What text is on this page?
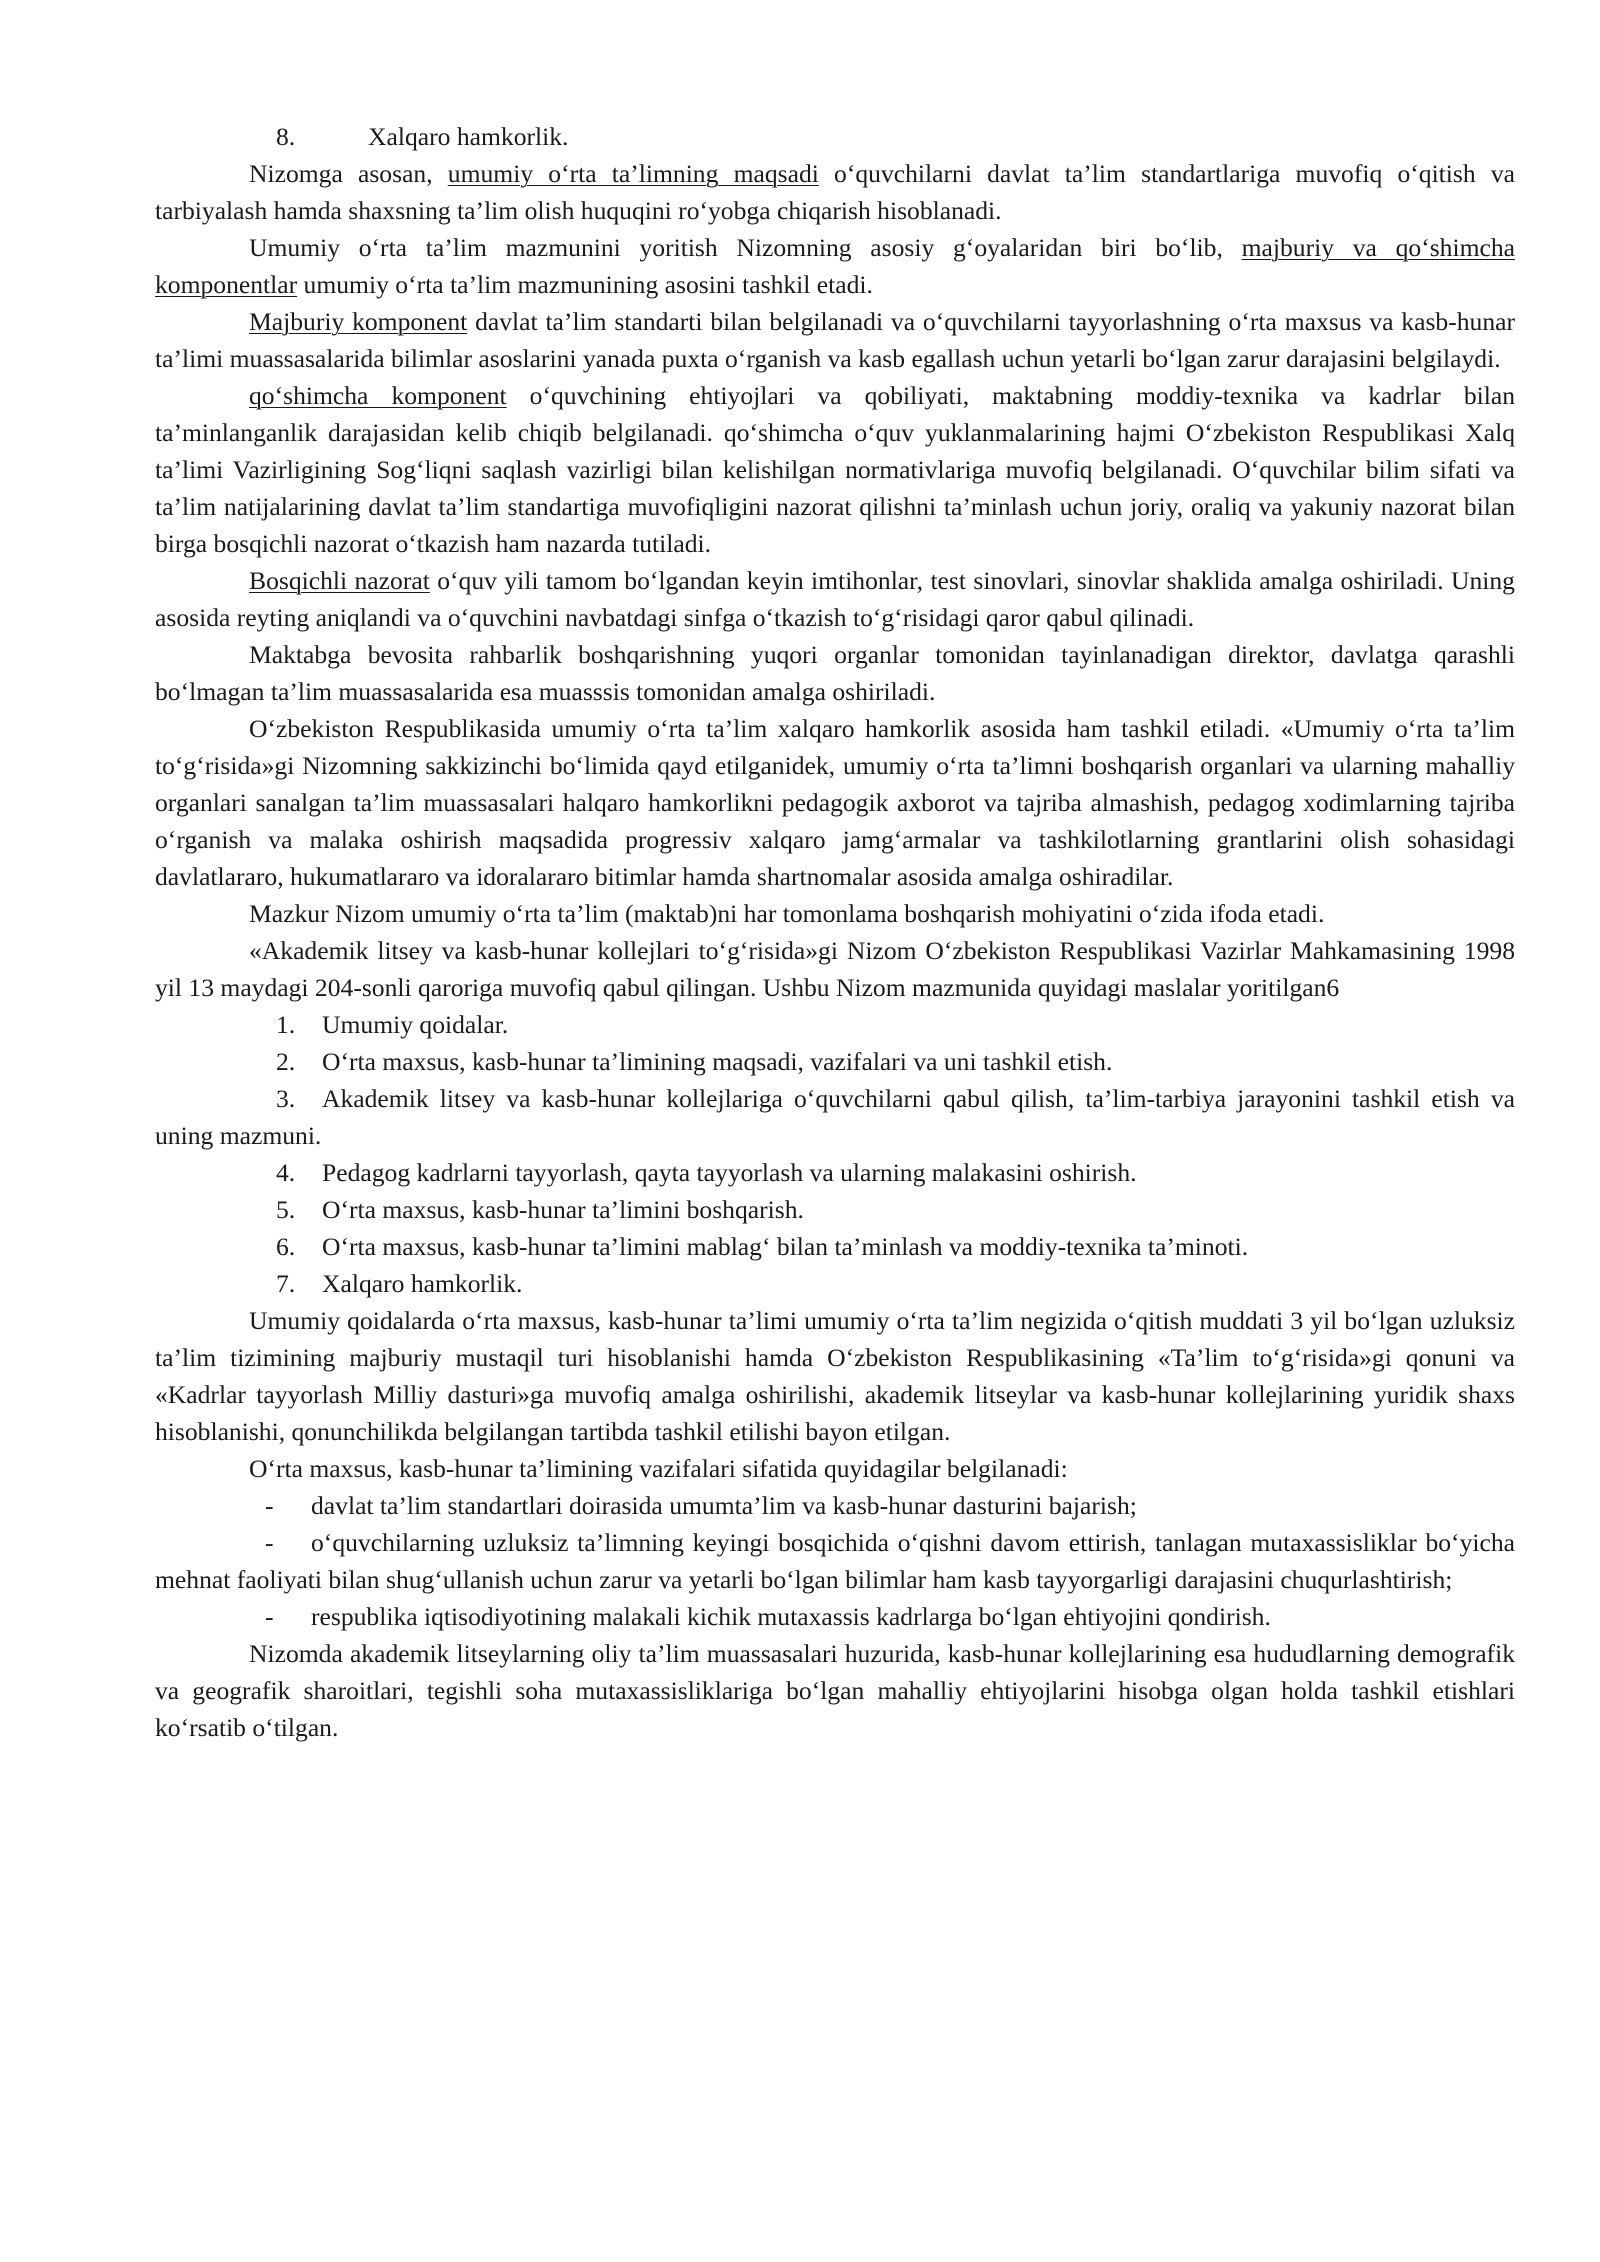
8.	Xalqaro hamkorlik.

Nizomga asosan, umumiy o‘rta ta’limning maqsadi o‘quvchilarni davlat ta’lim standartlariga muvofiq o‘qitish va tarbiyalash hamda shaxsning ta’lim olish huquqini ro‘yobga chiqarish hisoblanadi.

Umumiy o‘rta ta’lim mazmunini yoritish Nizomning asosiy g‘oyalaridan biri bo‘lib, majburiy va qo‘shimcha komponentlar umumiy o‘rta ta’lim mazmunining asosini tashkil etadi.

Majburiy komponent davlat ta’lim standarti bilan belgilanadi va o‘quvchilarni tayyorlashning o‘rta maxsus va kasb-hunar ta’limi muassasalarida bilimlar asoslarini yanada puxta o‘rganish va kasb egallash uchun yetarli bo‘lgan zarur darajasini belgilaydi.

qo‘shimcha komponent o‘quvchining ehtiyojlari va qobiliyati, maktabning moddiy-texnika va kadrlar bilan ta’minlanganlik darajasidan kelib chiqib belgilanadi. qo‘shimcha o‘quv yuklanmalarining hajmi O‘zbekiston Respublikasi Xalq ta’limi Vazirligining Sog‘liqni saqlash vazirligi bilan kelishilgan normativlariga muvofiq belgilanadi. O‘quvchilar bilim sifati va ta’lim natijalarining davlat ta’lim standartiga muvofiqligini nazorat qilishni ta’minlash uchun joriy, oraliq va yakuniy nazorat bilan birga bosqichli nazorat o‘tkazish ham nazarda tutiladi.

Bosqichli nazorat o‘quv yili tamom bo‘lgandan keyin imtihonlar, test sinovlari, sinovlar shaklida amalga oshiriladi. Uning asosida reyting aniqlandi va o‘quvchini navbatdagi sinfga o‘tkazish to‘g‘risidagi qaror qabul qilinadi.

Maktabga bevosita rahbarlik boshqarishning yuqori organlar tomonidan tayinlanadigan direktor, davlatga qarashli bo‘lmagan ta’lim muassasalarida esa muasssis tomonidan amalga oshiriladi.

O‘zbekiston Respublikasida umumiy o‘rta ta’lim xalqaro hamkorlik asosida ham tashkil etiladi. «Umumiy o‘rta ta’lim to‘g‘risida»gi Nizomning sakkizinchi bo‘limida qayd etilganidek, umumiy o‘rta ta’limni boshqarish organlari va ularning mahalliy organlari sanalgan ta’lim muassasalari halqaro hamkorlikni pedagogik axborot va tajriba almashish, pedagog xodimlarning tajriba o‘rganish va malaka oshirish maqsadida progressiv xalqaro jamg‘armalar va tashkilotlarning grantlarini olish sohasidagi davlatlararo, hukumatlararo va idoralararo bitimlar hamda shartnomalar asosida amalga oshiradilar.

Mazkur Nizom umumiy o‘rta ta’lim (maktab)ni har tomonlama boshqarish mohiyatini o‘zida ifoda etadi.

«Akademik litsey va kasb-hunar kollejlari to‘g‘risida»gi Nizom O‘zbekiston Respublikasi Vazirlar Mahkamasining 1998 yil 13 maydagi 204-sonli qaroriga muvofiq qabul qilingan. Ushbu Nizom mazmunida quyidagi maslalar yoritilgan6

1. Umumiy qoidalar.

2. O‘rta maxsus, kasb-hunar ta’limining maqsadi, vazifalari va uni tashkil etish.

3. Akademik litsey va kasb-hunar kollejlariga o‘quvchilarni qabul qilish, ta’lim-tarbiya jarayonini tashkil etish va uning mazmuni.

4. Pedagog kadrlarni tayyorlash, qayta tayyorlash va ularning malakasini oshirish.

5. O‘rta maxsus, kasb-hunar ta’limini boshqarish.

6. O‘rta maxsus, kasb-hunar ta’limini mablag‘ bilan ta’minlash va moddiy-texnika ta’minoti.

7. Xalqaro hamkorlik.

Umumiy qoidalarda o‘rta maxsus, kasb-hunar ta’limi umumiy o‘rta ta’lim negizida o‘qitish muddati 3 yil bo‘lgan uzluksiz ta’lim tizimining majburiy mustaqil turi hisoblanishi hamda O‘zbekiston Respublikasining «Ta’lim to‘g‘risida»gi qonuni va «Kadrlar tayyorlash Milliy dasturi»ga muvofiq amalga oshirilishi, akademik litseylar va kasb-hunar kollejlarining yuridik shaxs hisoblanishi, qonunchilikda belgilangan tartibda tashkil etilishi bayon etilgan.

O‘rta maxsus, kasb-hunar ta’limining vazifalari sifatida quyidagilar belgilanadi:

- davlat ta’lim standartlari doirasida umumta’lim va kasb-hunar dasturini bajarish;

- o‘quvchilarning uzluksiz ta’limning keyingi bosqichida o‘qishni davom ettirish, tanlagan mutaxassisliklar bo‘yicha mehnat faoliyati bilan shug‘ullanish uchun zarur va yetarli bo‘lgan bilimlar ham kasb tayyorgarligi darajasini chuqurlashtirish;

- respublika iqtisodiyotining malakali kichik mutaxassis kadrlarga bo‘lgan ehtiyojini qondirish.

Nizomda akademik litseylarning oliy ta’lim muassasalari huzurida, kasb-hunar kollejlarining esa hududlarning demografik va geografik sharoitlari, tegishli soha mutaxassisliklariga bo‘lgan mahalliy ehtiyojlarini hisobga olgan holda tashkil etishlari ko‘rsatib o‘tilgan.
